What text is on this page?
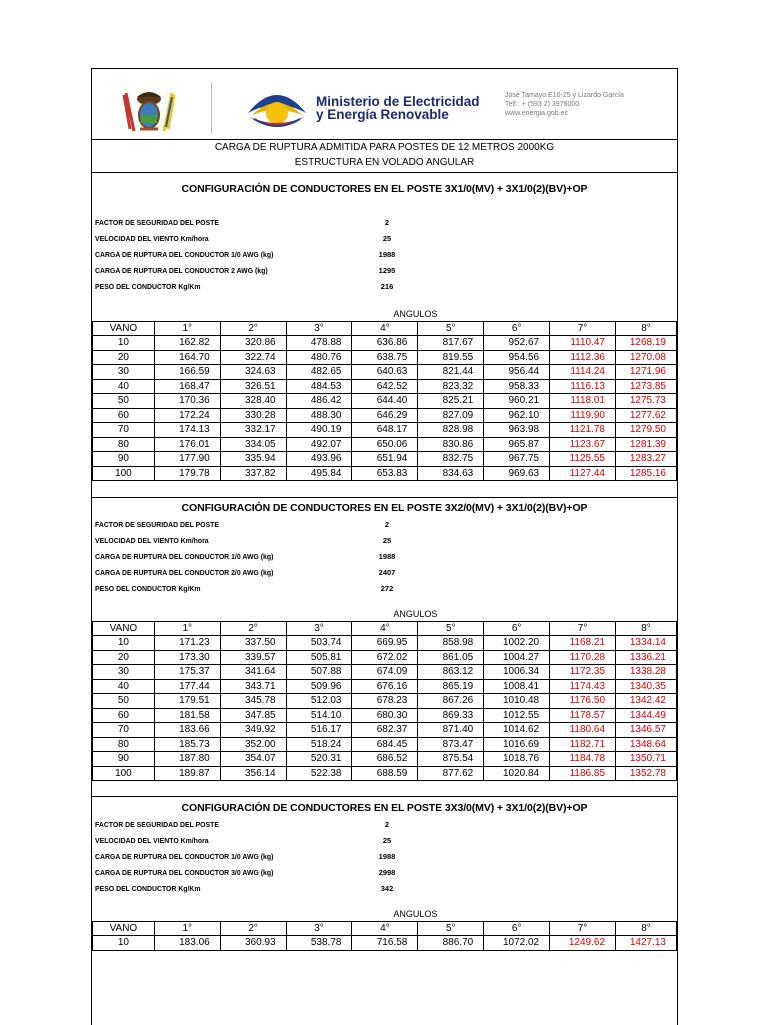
Ministerio de Electricidad
y Energía Renovable
José Tamayo E10-25 y Lizardo García
Telf.: + (593 2) 3976000
www.energia.gob.ec
CARGA DE RUPTURA ADMITIDA PARA POSTES DE 12 METROS 2000KG
ESTRUCTURA EN VOLADO ANGULAR
CONFIGURACIÓN DE CONDUCTORES EN EL POSTE 3X1/0(MV) + 3X1/0(2)(BV)+OP
FACTOR DE SEGURIDAD DEL POSTE	2
VELOCIDAD DEL VIENTO Km/hora	25
CARGA DE RUPTURA DEL CONDUCTOR 1/0 AWG (kg)	1988
CARGA DE RUPTURA DEL CONDUCTOR 2 AWG (kg)	1295
PESO DEL CONDUCTOR Kg/Km	216
	ANGULOS							
VANO	1°	2°	3°	4°	5°	6°	7°	8°
10	162.82	320.86	478.88	636.86	817.67	952.67	1110.47	1268.19
20	164.70	322.74	480.76	638.75	819.55	954.56	1112.36	1270.08
30	166.59	324.63	482.65	640.63	821.44	956.44	1114.24	1271.96
40	168.47	326.51	484.53	642.52	823.32	958.33	1116.13	1273.85
50	170.36	328.40	486.42	644.40	825.21	960.21	1118.01	1275.73
60	172.24	330.28	488.30	646.29	827.09	962.10	1119.90	1277.62
70	174.13	332.17	490.19	648.17	828.98	963.98	1121.78	1279.50
80	176.01	334.05	492.07	650.06	830.86	965.87	1123.67	1281.39
90	177.90	335.94	493.96	651.94	832.75	967.75	1125.55	1283.27
100	179.78	337.82	495.84	653.83	834.63	969.63	1127.44	1285.16
CONFIGURACIÓN DE CONDUCTORES EN EL POSTE 3X2/0(MV) + 3X1/0(2)(BV)+OP
FACTOR DE SEGURIDAD DEL POSTE	2
VELOCIDAD DEL VIENTO Km/hora	25
CARGA DE RUPTURA DEL CONDUCTOR 1/0 AWG (kg)	1988
CARGA DE RUPTURA DEL CONDUCTOR 2/0 AWG (kg)	2407
PESO DEL CONDUCTOR Kg/Km	272
	ANGULOS							
VANO	1°	2°	3°	4°	5°	6°	7°	8°
10	171.23	337.50	503.74	669.95	858.98	1002.20	1168.21	1334.14
20	173.30	339.57	505.81	672.02	861.05	1004.27	1170.28	1336.21
30	175.37	341.64	507.88	674.09	863.12	1006.34	1172.35	1338.28
40	177.44	343.71	509.96	676.16	865.19	1008.41	1174.43	1340.35
50	179.51	345.78	512.03	678.23	867.26	1010.48	1176.50	1342.42
60	181.58	347.85	514.10	680.30	869.33	1012.55	1178.57	1344.49
70	183.66	349.92	516.17	682.37	871.40	1014.62	1180.64	1346.57
80	185.73	352.00	518.24	684.45	873.47	1016.69	1182.71	1348.64
90	187.80	354.07	520.31	686.52	875.54	1018.76	1184.78	1350.71
100	189.87	356.14	522.38	688.59	877.62	1020.84	1186.85	1352.78
CONFIGURACIÓN DE CONDUCTORES EN EL POSTE 3X3/0(MV) + 3X1/0(2)(BV)+OP
FACTOR DE SEGURIDAD DEL POSTE	2
VELOCIDAD DEL VIENTO Km/hora	25
CARGA DE RUPTURA DEL CONDUCTOR 1/0 AWG (kg)	1988
CARGA DE RUPTURA DEL CONDUCTOR 3/0 AWG (kg)	2998
PESO DEL CONDUCTOR Kg/Km	342
	ANGULOS							
VANO	1°	2°	3°	4°	5°	6°	7°	8°
10	183.06	360.93	538.78	716.58	886.70	1072.02	1249.62	1427.13
